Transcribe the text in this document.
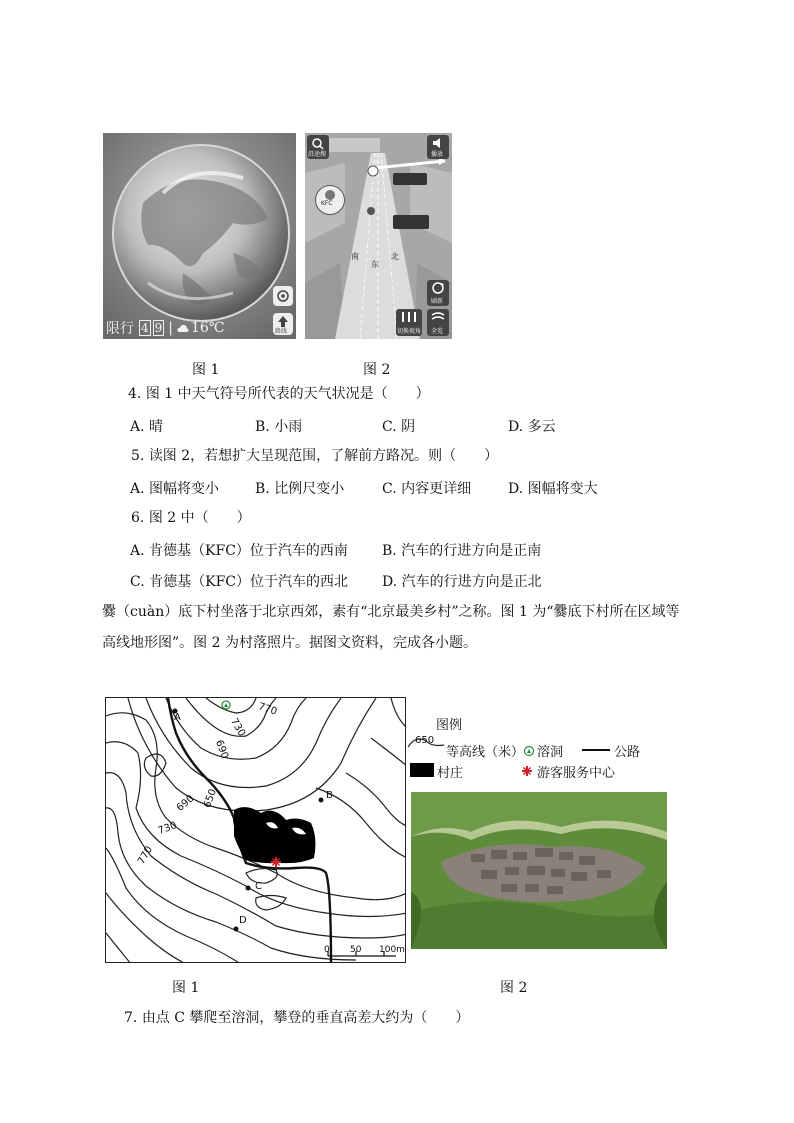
路线
限行 4 9 | 16℃
沿途搜	播放
KFC
南	北
东
刷新
切换视角 全览
图 1	图 2
4. 图 1 中天气符号所代表的天气状况是（　　）
A. 晴	B. 小雨	C. 阴	D. 多云
5. 读图 2，若想扩大呈现范围，了解前方路况。则（　　）
A. 图幅将变小	B. 比例尺变小	C. 内容更详细	D. 图幅将变大
6. 图 2 中（　　）
A. 肯德基（KFC）位于汽车的西南 B. 汽车的行进方向是正南
C. 肯德基（KFC）位于汽车的西北 D. 汽车的行进方向是正北
爨（cuàn）底下村坐落于北京西郊，素有“北京最美乡村”之称。图 1 为“爨底下村所在区域等
高线地形图”。图 2 为村落照片。据图文资料，完成各小题。
A
B
C
D
770
730
690
650
690
730
770
0 50 100m
图例
650
等高线（米） 溶洞	公路
村庄	游客服务中心
图 1	图 2
7. 由点 C 攀爬至溶洞，攀登的垂直高差大约为（　　）
